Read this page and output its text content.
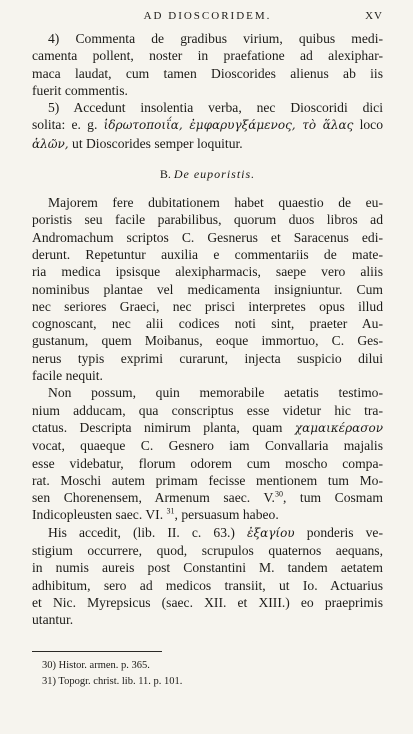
AD DIOSCORIDEM.	XV

4) Commenta de gradibus virium, quibus medi-
camenta pollent, noster in praefatione ad alexiphar-
maca laudat, cum tamen Dioscorides alienus ab iis
fuerit commentis.

5) Accedunt insolentia verba, nec Dioscoridi dici
solita: e. g. ἱδρωτοποιΐα, ἐμφαρυγξάμενος, τὸ ἅλας loco
ἁλῶν, ut Dioscorides semper loquitur.

B. De euporistis.

Majorem fere dubitationem habet quaestio de eu-
poristis seu facile parabilibus, quorum duos libros ad
Andromachum scriptos C. Gesnerus et Saracenus edi-
derunt. Repetuntur auxilia e commentariis de mate-
ria medica ipsisque alexipharmacis, saepe vero aliis
nominibus plantae vel medicamenta insigniuntur. Cum
nec seriores Graeci, nec prisci interpretes opus illud
cognoscant, nec alii codices noti sint, praeter Au-
gustanum, quem Moibanus, eoque immortuo, C. Ges-
nerus typis exprimi curarunt, injecta suspicio dilui
facile nequit.

Non possum, quin memorabile aetatis testimo-
nium adducam, qua conscriptus esse videtur hic tra-
ctatus. Descripta nimirum planta, quam χαμαικέρασον
vocat, quaeque C. Gesnero iam Convallaria majalis
esse videbatur, florum odorem cum moscho compa-
rat. Moschi autem primam fecisse mentionem tum Mo-
sen Chorenensem, Armenum saec. V.$^{30}$, tum Cosmam
Indicopleusten saec. VI. $^{31}$, persuasum habeo.

His accedit, (lib. II. c. 63.) ἐξαγίου ponderis ve-
stigium occurrere, quod, scrupulos quaternos aequans,
in numis aureis post Constantini M. tandem aetatem
adhibitum, sero ad medicos transiit, ut Io. Actuarius
et Nic. Myrepsicus (saec. XII. et XIII.) eo praeprimis
utantur.

30) Histor. armen. p. 365.
31) Topogr. christ. lib. 11. p. 101.
